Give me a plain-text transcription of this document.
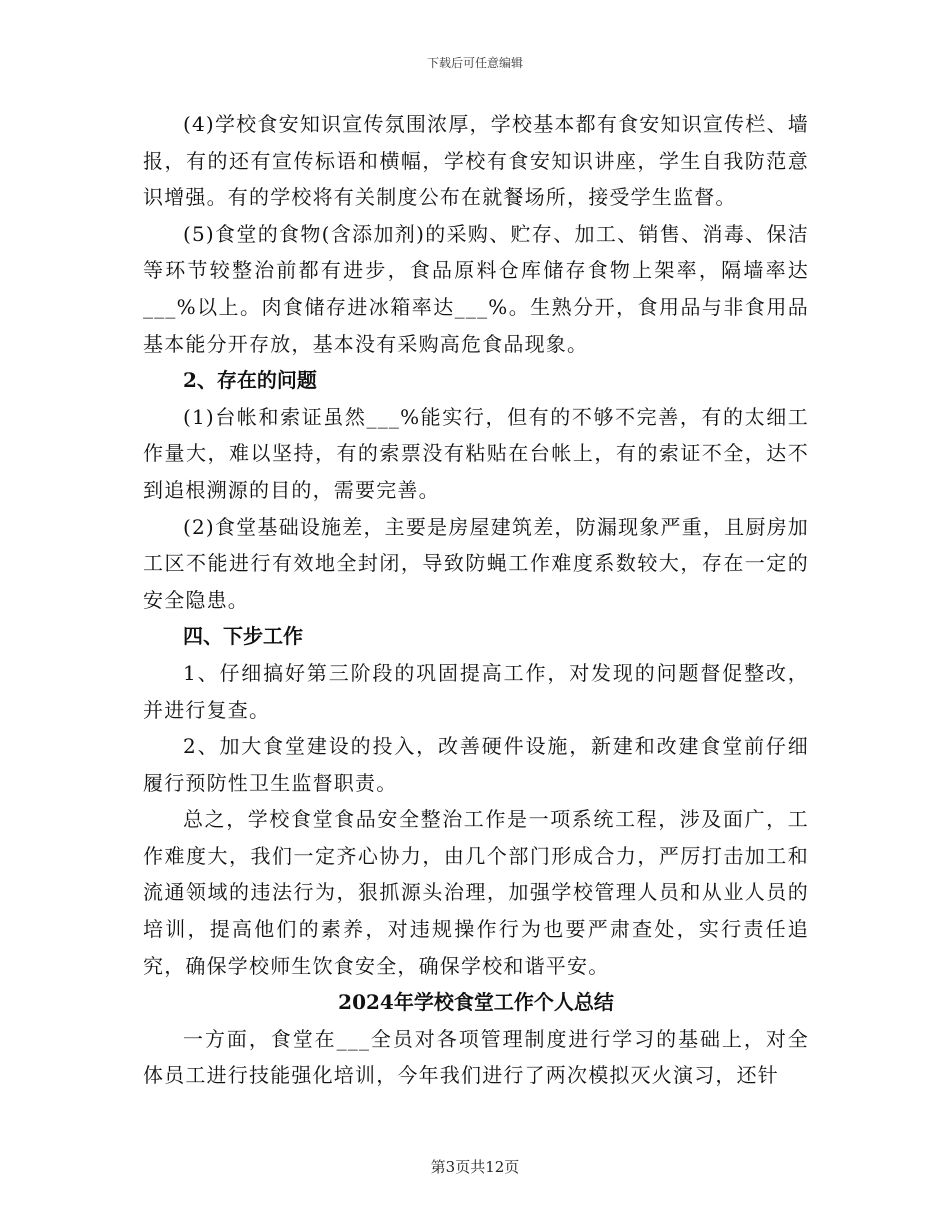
下载后可任意编辑

(4)学校食安知识宣传氛围浓厚，学校基本都有食安知识宣传栏、墙报，有的还有宣传标语和横幅，学校有食安知识讲座，学生自我防范意识增强。有的学校将有关制度公布在就餐场所，接受学生监督。

(5)食堂的食物(含添加剂)的采购、贮存、加工、销售、消毒、保洁等环节较整治前都有进步，食品原料仓库储存食物上架率，隔墙率达___%以上。肉食储存进冰箱率达___%。生熟分开，食用品与非食用品基本能分开存放，基本没有采购高危食品现象。

2、存在的问题

(1)台帐和索证虽然___%能实行，但有的不够不完善，有的太细工作量大，难以坚持，有的索票没有粘贴在台帐上，有的索证不全，达不到追根溯源的目的，需要完善。

(2)食堂基础设施差，主要是房屋建筑差，防漏现象严重，且厨房加工区不能进行有效地全封闭，导致防蝇工作难度系数较大，存在一定的安全隐患。

四、下步工作

1、仔细搞好第三阶段的巩固提高工作，对发现的问题督促整改，并进行复查。

2、加大食堂建设的投入，改善硬件设施，新建和改建食堂前仔细履行预防性卫生监督职责。

总之，学校食堂食品安全整治工作是一项系统工程，涉及面广，工作难度大，我们一定齐心协力，由几个部门形成合力，严厉打击加工和流通领域的违法行为，狠抓源头治理，加强学校管理人员和从业人员的培训，提高他们的素养，对违规操作行为也要严肃查处，实行责任追究，确保学校师生饮食安全，确保学校和谐平安。

2024年学校食堂工作个人总结

一方面，食堂在___全员对各项管理制度进行学习的基础上，对全体员工进行技能强化培训，今年我们进行了两次模拟灭火演习，还针

第3页共12页
